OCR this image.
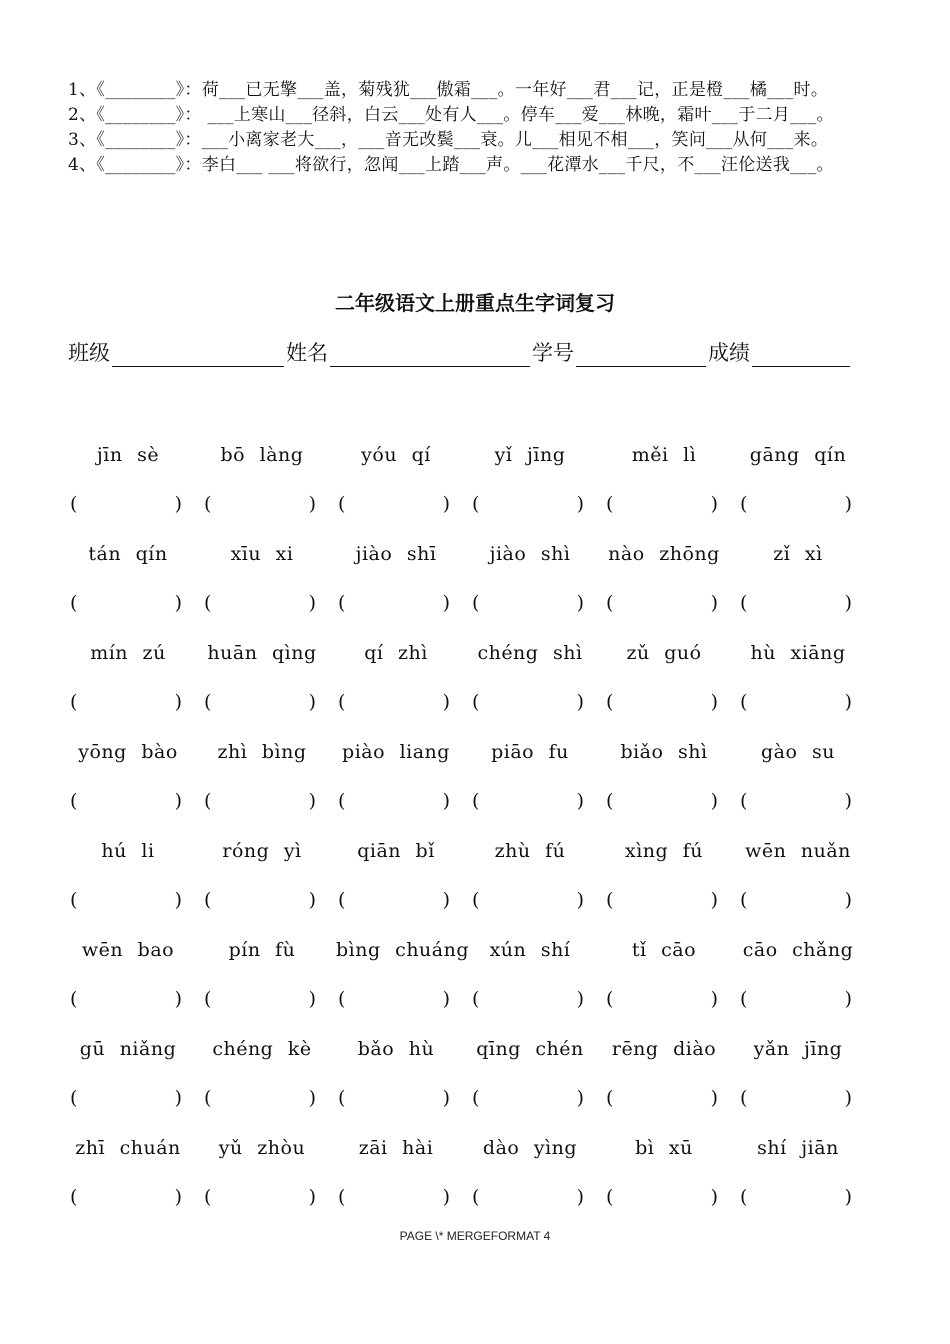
1、《________》：荷___已无擎___盖，菊残犹___傲霜___。一年好___君___记，正是橙___橘___时。

2、《________》： ___上寒山___径斜，白云___处有人___。停车___爱___林晚，霜叶___于二月___。

3、《________》：___小离家老大___，___音无改鬓___衰。儿___相见不相___，笑问___从何___来。

4、《________》：李白___ ___将欲行，忽闻___上踏___声。___花潭水___千尺，不___汪伦送我___。

二年级语文上册重点生字词复习
班级	姓名	学号	成绩
jīn sè	bō làng	yóu qí	yǐ jīng	měi lì	gāng qín
(	) (	) (	) (	) (	) (	)
tán qín	xīu xi	jiào shī	jiào shì	nào zhōng	zǐ xì
(	) (	) (	) (	) (	) (	)
mín zú	huān qìng	qí zhì	chéng shì	zǔ guó	hù xiāng
(	) (	) (	) (	) (	) (	)
yōng bào	zhì bìng	piào liang	piāo fu	biǎo shì	gào su
(	) (	) (	) (	) (	) (	)
hú li	róng yì	qiān bǐ	zhù fú	xìng fú	wēn nuǎn
(	) (	) (	) (	) (	) (	)
wēn bao	pín fù	bìng chuáng	xún shí	tǐ cāo	cāo chǎng
(	) (	) (	) (	) (	) (	)
gū niǎng	chéng kè	bǎo hù	qīng chén	rēng diào	yǎn jīng
(	) (	) (	) (	) (	) (	)
zhī chuán	yǔ zhòu	zāi hài	dào yìng	bì xū	shí jiān
(	) (	) (	) (	) (	) (	)
PAGE \* MERGEFORMAT 4
